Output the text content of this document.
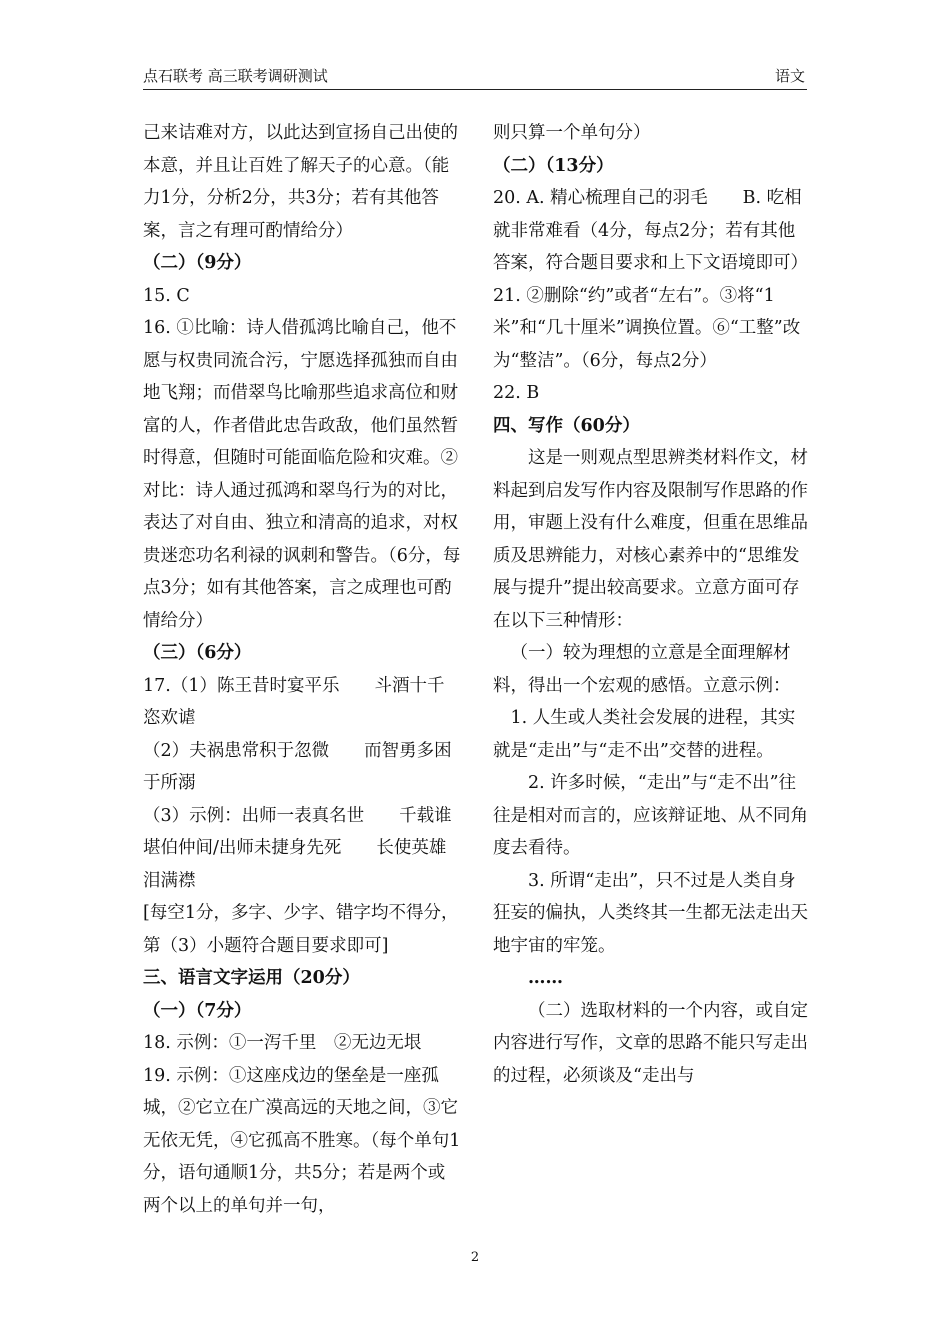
点石联考 高三联考调研测试	语文

己来诘难对方，以此达到宣扬自己出使的本意，并且让百姓了解天子的心意。（能力1分，分析2分，共3分；若有其他答案，言之有理可酌情给分）

（二）（9分）

15. C

16. ①比喻：诗人借孤鸿比喻自己，他不愿与权贵同流合污，宁愿选择孤独而自由地飞翔；而借翠鸟比喻那些追求高位和财富的人，作者借此忠告政敌，他们虽然暂时得意，但随时可能面临危险和灾难。②对比：诗人通过孤鸿和翠鸟行为的对比，表达了对自由、独立和清高的追求，对权贵迷恋功名利禄的讽刺和警告。（6分，每点3分；如有其他答案，言之成理也可酌情给分）

（三）（6分）

17.（1）陈王昔时宴平乐　　斗酒十千恣欢谑

（2）夫祸患常积于忽微　　而智勇多困于所溺

（3）示例：出师一表真名世　　千载谁堪伯仲间/出师未捷身先死　　长使英雄泪满襟

[每空1分，多字、少字、错字均不得分，第（3）小题符合题目要求即可]

三、语言文字运用（20分）

（一）（7分）

18. 示例：①一泻千里　②无边无垠

19. 示例：①这座戍边的堡垒是一座孤城，②它立在广漠高远的天地之间，③它无依无凭，④它孤高不胜寒。（每个单句1分，语句通顺1分，共5分；若是两个或两个以上的单句并一句，

则只算一个单句分）

（二）（13分）

20. A. 精心梳理自己的羽毛　　B. 吃相就非常难看（4分，每点2分；若有其他答案，符合题目要求和上下文语境即可）

21. ②删除“约”或者“左右”。③将“1米”和“几十厘米”调换位置。⑥“工整”改为“整洁”。（6分，每点2分）

22. B

四、写作（60分）

这是一则观点型思辨类材料作文，材料起到启发写作内容及限制写作思路的作用，审题上没有什么难度，但重在思维品质及思辨能力，对核心素养中的“思维发展与提升”提出较高要求。立意方面可存在以下三种情形：

（一）较为理想的立意是全面理解材料，得出一个宏观的感悟。立意示例：

1. 人生或人类社会发展的进程，其实就是“走出”与“走不出”交替的进程。

2. 许多时候，“走出”与“走不出”往往是相对而言的，应该辩证地、从不同角度去看待。

3. 所谓“走出”，只不过是人类自身狂妄的偏执，人类终其一生都无法走出天地宇宙的牢笼。

……

（二）选取材料的一个内容，或自定内容进行写作，文章的思路不能只写走出的过程，必须谈及“走出与

2
